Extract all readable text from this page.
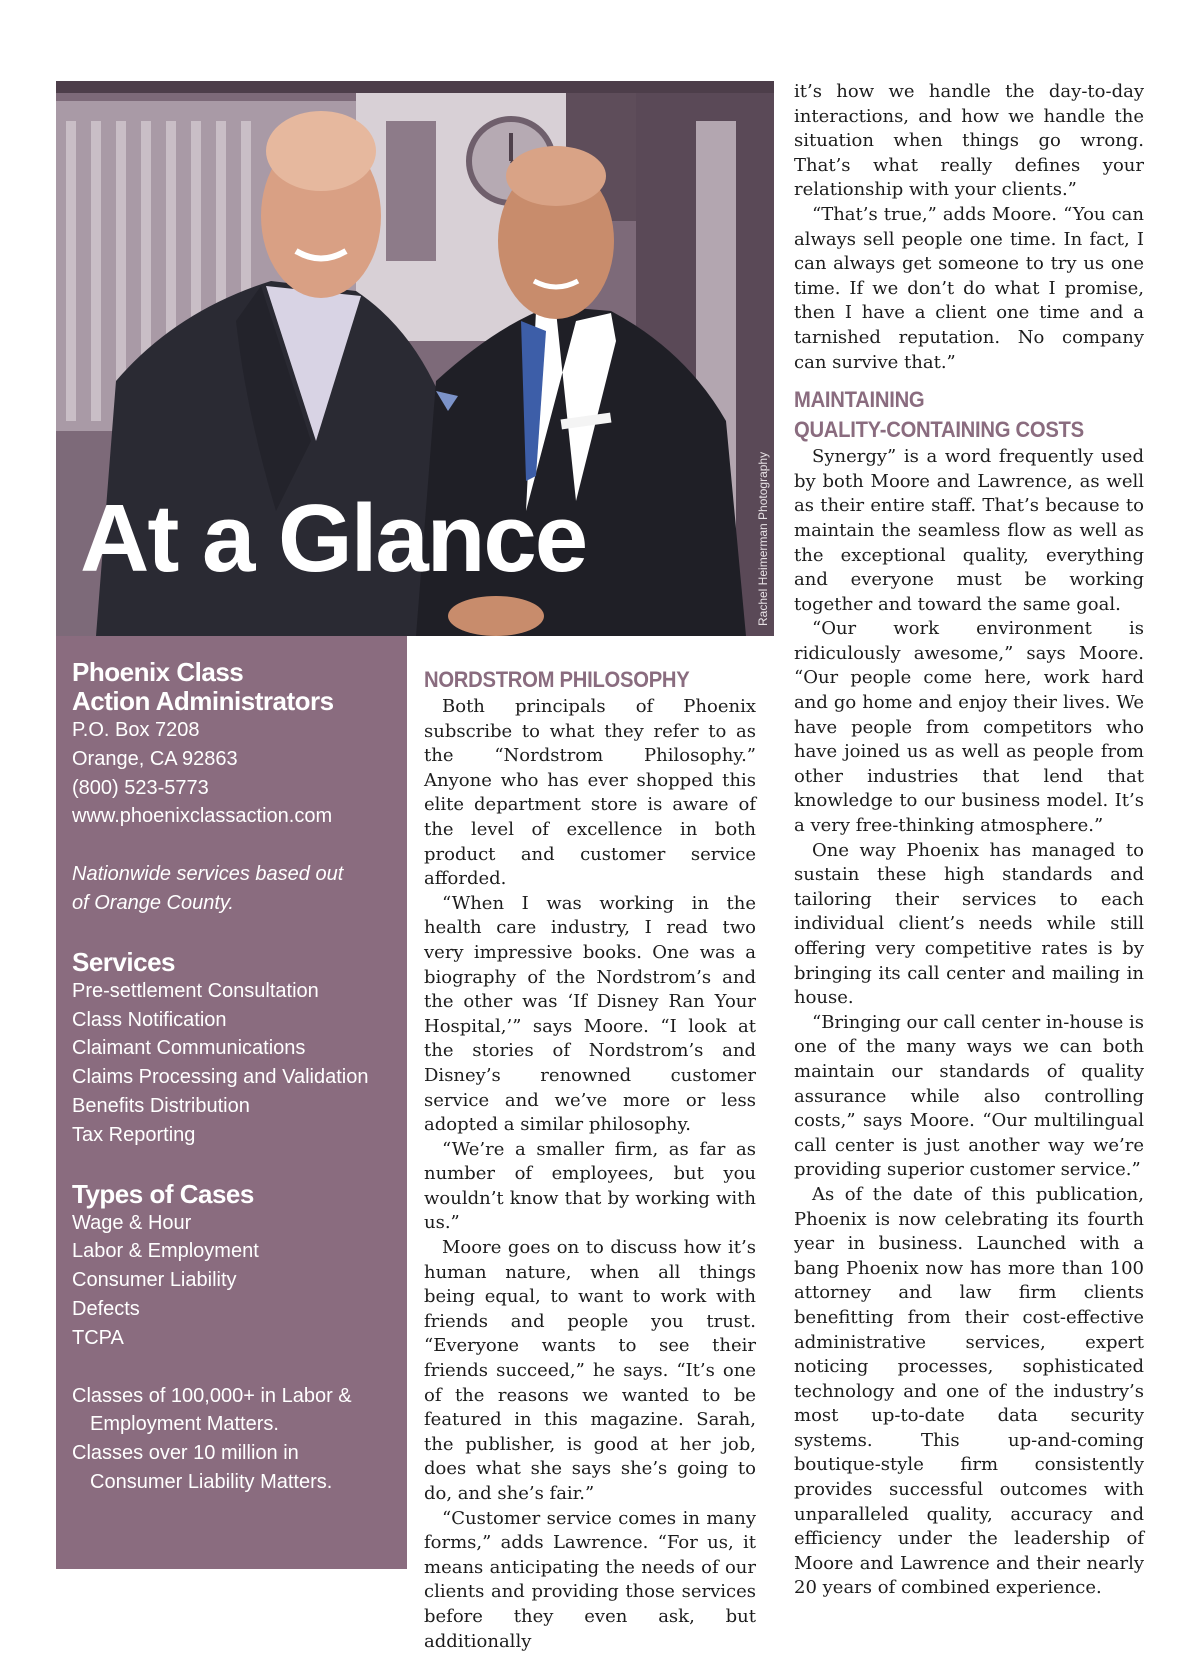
At a Glance	Rachel Heimerman Photography
Phoenix Class
Action Administrators
P.O. Box 7208
Orange, CA 92863
(800) 523-5773
www.phoenixclassaction.com
Nationwide services based out
of Orange County.
Services
Pre-settlement Consultation
Class Notification
Claimant Communications
Claims Processing and Validation
Benefits Distribution
Tax Reporting
Types of Cases
Wage & Hour
Labor & Employment
Consumer Liability
Defects
TCPA
Classes of 100,000+ in Labor & Employment Matters.
Classes over 10 million in Consumer Liability Matters.
NORDSTROM PHILOSOPHY

Both principals of Phoenix subscribe to what they refer to as the “Nordstrom Philosophy.” Anyone who has ever shopped this elite department store is aware of the level of excellence in both product and customer service afforded.

“When I was working in the health care industry, I read two very impressive books. One was a biography of the Nordstrom’s and the other was ‘If Disney Ran Your Hospital,’” says Moore. “I look at the stories of Nordstrom’s and Disney’s renowned customer service and we’ve more or less adopted a similar philosophy.

“We’re a smaller firm, as far as number of employees, but you wouldn’t know that by working with us.”

Moore goes on to discuss how it’s human nature, when all things being equal, to want to work with friends and people you trust. “Everyone wants to see their friends succeed,” he says. “It’s one of the reasons we wanted to be featured in this magazine. Sarah, the publisher, is good at her job, does what she says she’s going to do, and she’s fair.”

“Customer service comes in many forms,” adds Lawrence. “For us, it means anticipating the needs of our clients and providing those services before they even ask, but additionally

it’s how we handle the day-to-day interactions, and how we handle the situation when things go wrong. That’s what really defines your relationship with your clients.”

“That’s true,” adds Moore. “You can always sell people one time. In fact, I can always get someone to try us one time. If we don’t do what I promise, then I have a client one time and a tarnished reputation. No company can survive that.”

MAINTAINING
QUALITY-CONTAINING COSTS

Synergy” is a word frequently used by both Moore and Lawrence, as well as their entire staff. That’s because to maintain the seamless flow as well as the exceptional quality, everything and everyone must be working together and toward the same goal.

“Our work environment is ridiculously awesome,” says Moore. “Our people come here, work hard and go home and enjoy their lives. We have people from competitors who have joined us as well as people from other industries that lend that knowledge to our business model. It’s a very free-thinking atmosphere.”

One way Phoenix has managed to sustain these high standards and tailoring their services to each individual client’s needs while still offering very competitive rates is by bringing its call center and mailing in house.

“Bringing our call center in-house is one of the many ways we can both maintain our standards of quality assurance while also controlling costs,” says Moore. “Our multilingual call center is just another way we’re providing superior customer service.”

As of the date of this publication, Phoenix is now celebrating its fourth year in business. Launched with a bang Phoenix now has more than 100 attorney and law firm clients benefitting from their cost-effective administrative services, expert noticing processes, sophisticated technology and one of the industry’s most up-to-date data security systems. This up-and-coming boutique-style firm consistently provides successful outcomes with unparalleled quality, accuracy and efficiency under the leadership of Moore and Lawrence and their nearly 20 years of combined experience.
